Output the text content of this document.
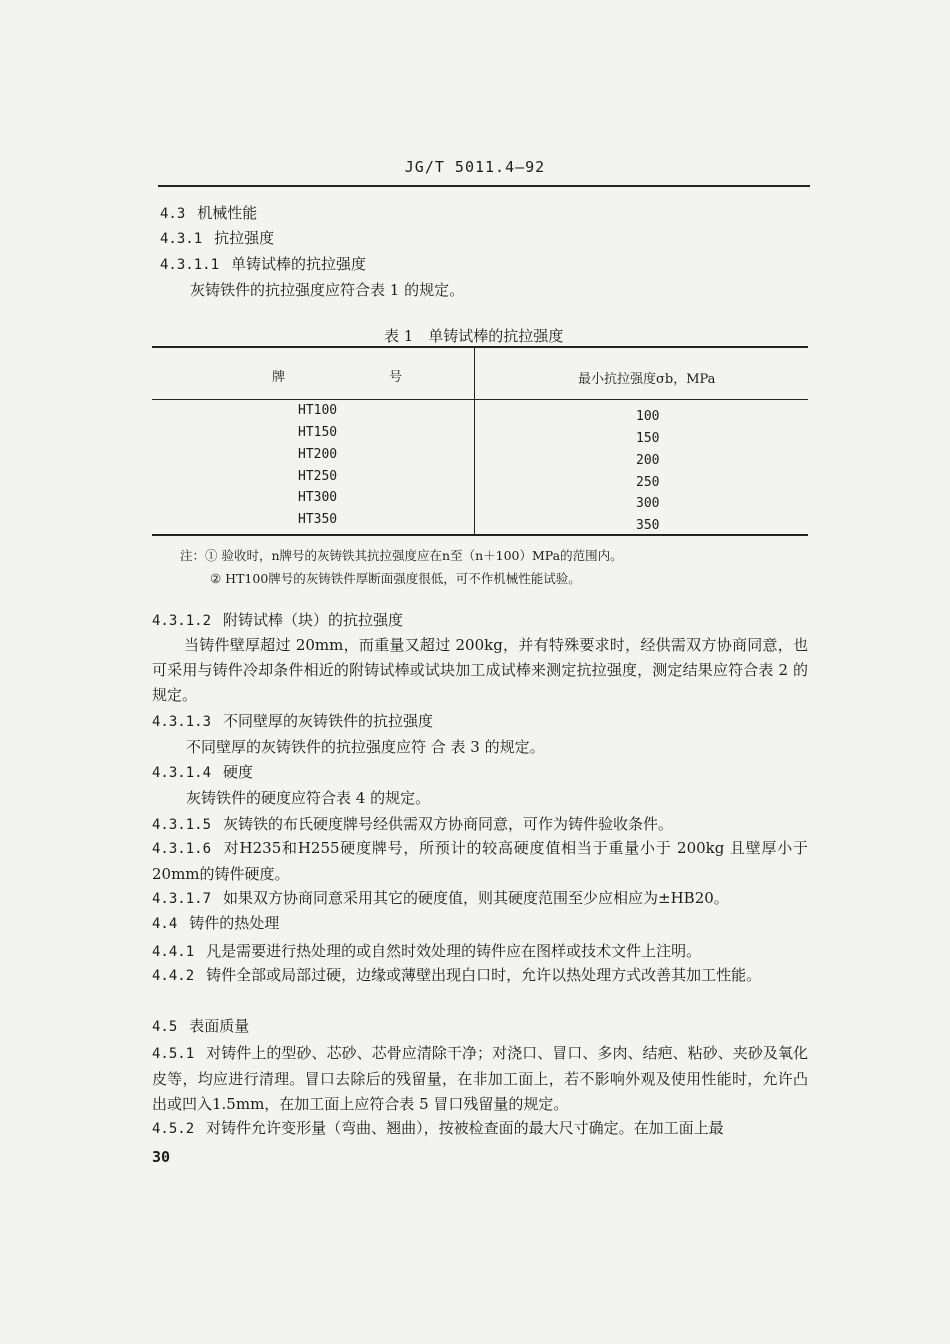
JG/T 5011.4—92
4.3 机械性能
4.3.1 抗拉强度
4.3.1.1 单铸试棒的抗拉强度
灰铸铁件的抗拉强度应符合表 1 的规定。
表 1　单铸试棒的抗拉强度
牌　　　　　　　　号	最小抗拉强度σb，MPa
HT100
HT150
HT200
HT250
HT300
HT350
100
150
200
250
300
350
注：① 验收时，n牌号的灰铸铁其抗拉强度应在n至（n＋100）MPa的范围内。
② HT100牌号的灰铸铁件厚断面强度很低，可不作机械性能试验。
4.3.1.2 附铸试棒（块）的抗拉强度
当铸件壁厚超过 20mm，而重量又超过 200kg，并有特殊要求时，经供需双方协商同意，也可采用与铸件冷却条件相近的附铸试棒或试块加工成试棒来测定抗拉强度，测定结果应符合表 2 的规定。
4.3.1.3 不同壁厚的灰铸铁件的抗拉强度
不同壁厚的灰铸铁件的抗拉强度应符 合 表 3 的规定。
4.3.1.4 硬度
灰铸铁件的硬度应符合表 4 的规定。
4.3.1.5 灰铸铁的布氏硬度牌号经供需双方协商同意，可作为铸件验收条件。
4.3.1.6 对H235和H255硬度牌号，所预计的较高硬度值相当于重量小于 200kg 且壁厚小于20mm的铸件硬度。
4.3.1.7 如果双方协商同意采用其它的硬度值，则其硬度范围至少应相应为±HB20。
4.4 铸件的热处理
4.4.1 凡是需要进行热处理的或自然时效处理的铸件应在图样或技术文件上注明。
4.4.2 铸件全部或局部过硬，边缘或薄壁出现白口时，允许以热处理方式改善其加工性能。
4.5 表面质量
4.5.1 对铸件上的型砂、芯砂、芯骨应清除干净；对浇口、冒口、多肉、结疤、粘砂、夹砂及氧化皮等，均应进行清理。冒口去除后的残留量，在非加工面上，若不影响外观及使用性能时，允许凸出或凹入1.5mm，在加工面上应符合表 5 冒口残留量的规定。
4.5.2 对铸件允许变形量（弯曲、翘曲），按被检查面的最大尺寸确定。在加工面上最
30
